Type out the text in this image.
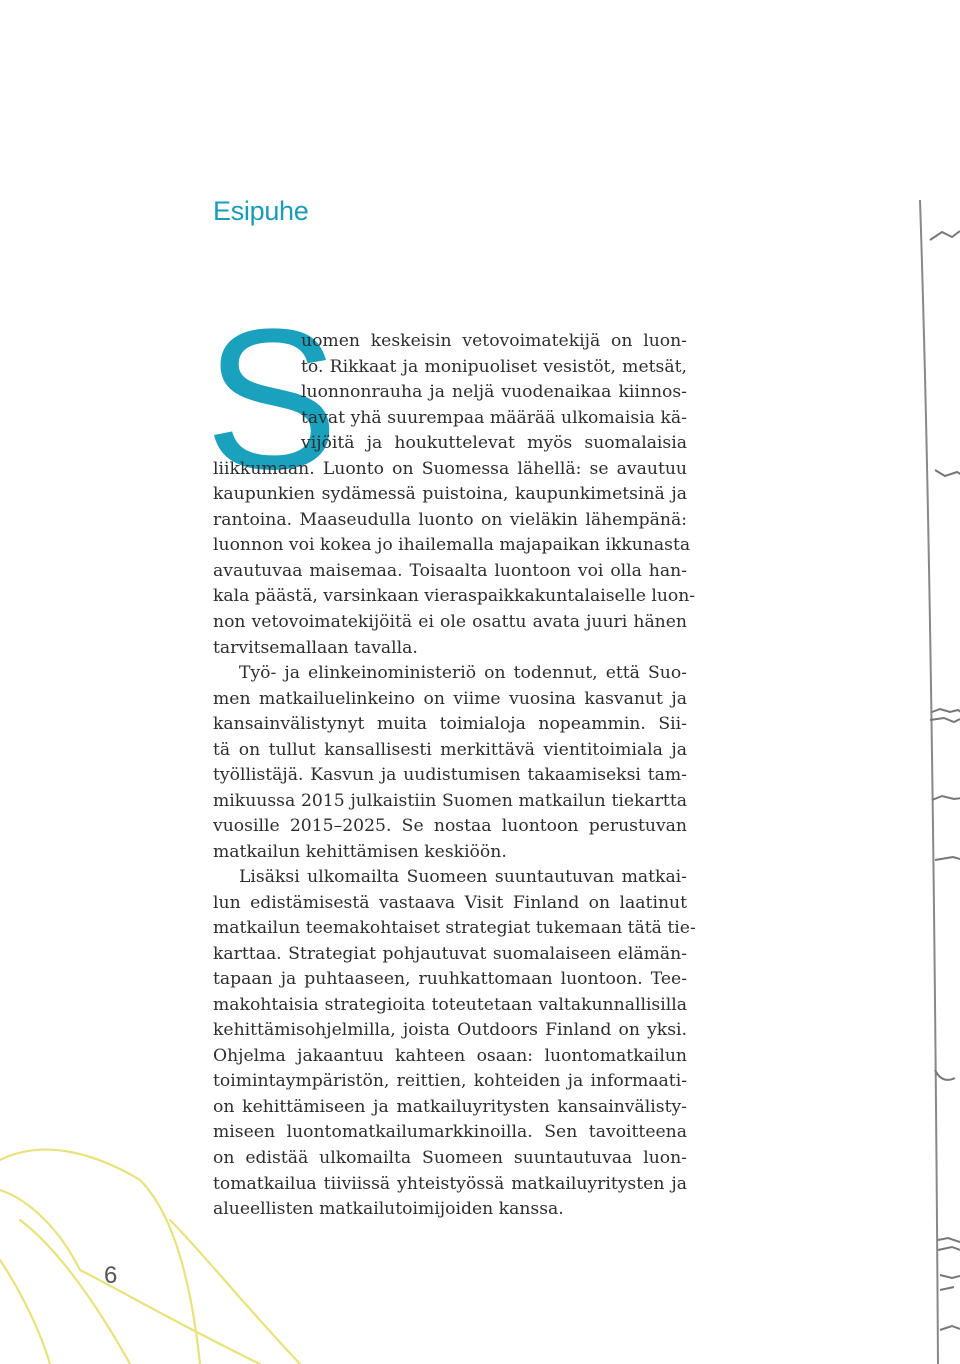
Esipuhe
S
uomen keskeisin vetovoimatekijä on luon-
to. Rikkaat ja monipuoliset vesistöt, metsät,
luonnonrauha ja neljä vuodenaikaa kiinnos-
tavat yhä suurempaa määrää ulkomaisia kä-
vijöitä ja houkuttelevat myös suomalaisia
liikkumaan. Luonto on Suomessa lähellä: se avautuu
kaupunkien sydämessä puistoina, kaupunkimetsinä ja
rantoina. Maaseudulla luonto on vieläkin lähempänä:
luonnon voi kokea jo ihailemalla majapaikan ikkunasta
avautuvaa maisemaa. Toisaalta luontoon voi olla han-
kala päästä, varsinkaan vieraspaikkakuntalaiselle luon-
non vetovoimatekijöitä ei ole osattu avata juuri hänen
tarvitsemallaan tavalla.
Työ- ja elinkeinoministeriö on todennut, että Suo-
men matkailuelinkeino on viime vuosina kasvanut ja
kansainvälistynyt muita toimialoja nopeammin. Sii-
tä on tullut kansallisesti merkittävä vientitoimiala ja
työllistäjä. Kasvun ja uudistumisen takaamiseksi tam-
mikuussa 2015 julkaistiin Suomen matkailun tiekartta
vuosille 2015–2025. Se nostaa luontoon perustuvan
matkailun kehittämisen keskiöön.
Lisäksi ulkomailta Suomeen suuntautuvan matkai-
lun edistämisestä vastaava Visit Finland on laatinut
matkailun teemakohtaiset strategiat tukemaan tätä tie-
karttaa. Strategiat pohjautuvat suomalaiseen elämän-
tapaan ja puhtaaseen, ruuhkattomaan luontoon. Tee-
makohtaisia strategioita toteutetaan valtakunnallisilla
kehittämisohjelmilla, joista Outdoors Finland on yksi.
Ohjelma jakaantuu kahteen osaan: luontomatkailun
toimintaympäristön, reittien, kohteiden ja informaati-
on kehittämiseen ja matkailuyritysten kansainvälisty-
miseen luontomatkailumarkkinoilla. Sen tavoitteena
on edistää ulkomailta Suomeen suuntautuvaa luon-
tomatkailua tiiviissä yhteistyössä matkailuyritysten ja
alueellisten matkailutoimijoiden kanssa.
6
